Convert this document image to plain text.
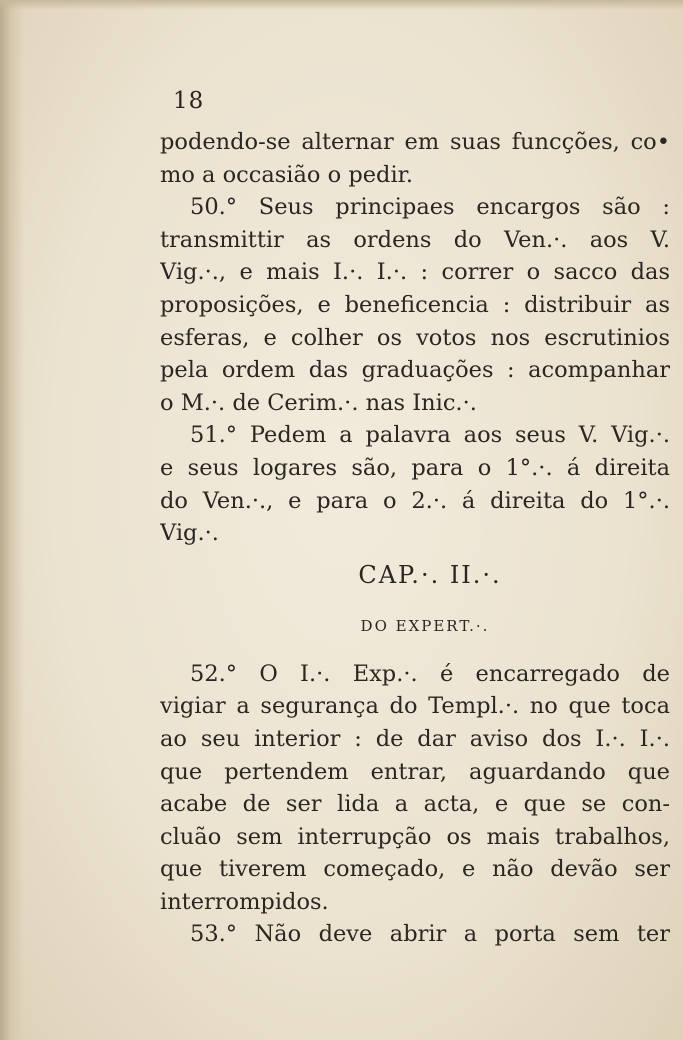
18
podendo-se alternar em suas funcções, co•
mo a occasião o pedir.
50.° Seus principaes encargos são :
transmittir as ordens do Ven.·. aos V.
Vig.·., e mais I.·. I.·. : correr o sacco das
proposições, e beneficencia : distribuir as
esferas, e colher os votos nos escrutinios
pela ordem das graduações : acompanhar
o M.·. de Cerim.·. nas Inic.·.
51.° Pedem a palavra aos seus V. Vig.·.
e seus logares são, para o 1°.·. á direita
do Ven.·., e para o 2.·. á direita do 1°.·.
Vig.·.
CAP.·. II.·.
DO EXPERT.·.
52.° O I.·. Exp.·. é encarregado de
vigiar a segurança do Templ.·. no que toca
ao seu interior : de dar aviso dos I.·. I.·.
que pertendem entrar, aguardando que
acabe de ser lida a acta, e que se con-
cluão sem interrupção os mais trabalhos,
que tiverem começado, e não devão ser
interrompidos.
53.° Não deve abrir a porta sem ter
